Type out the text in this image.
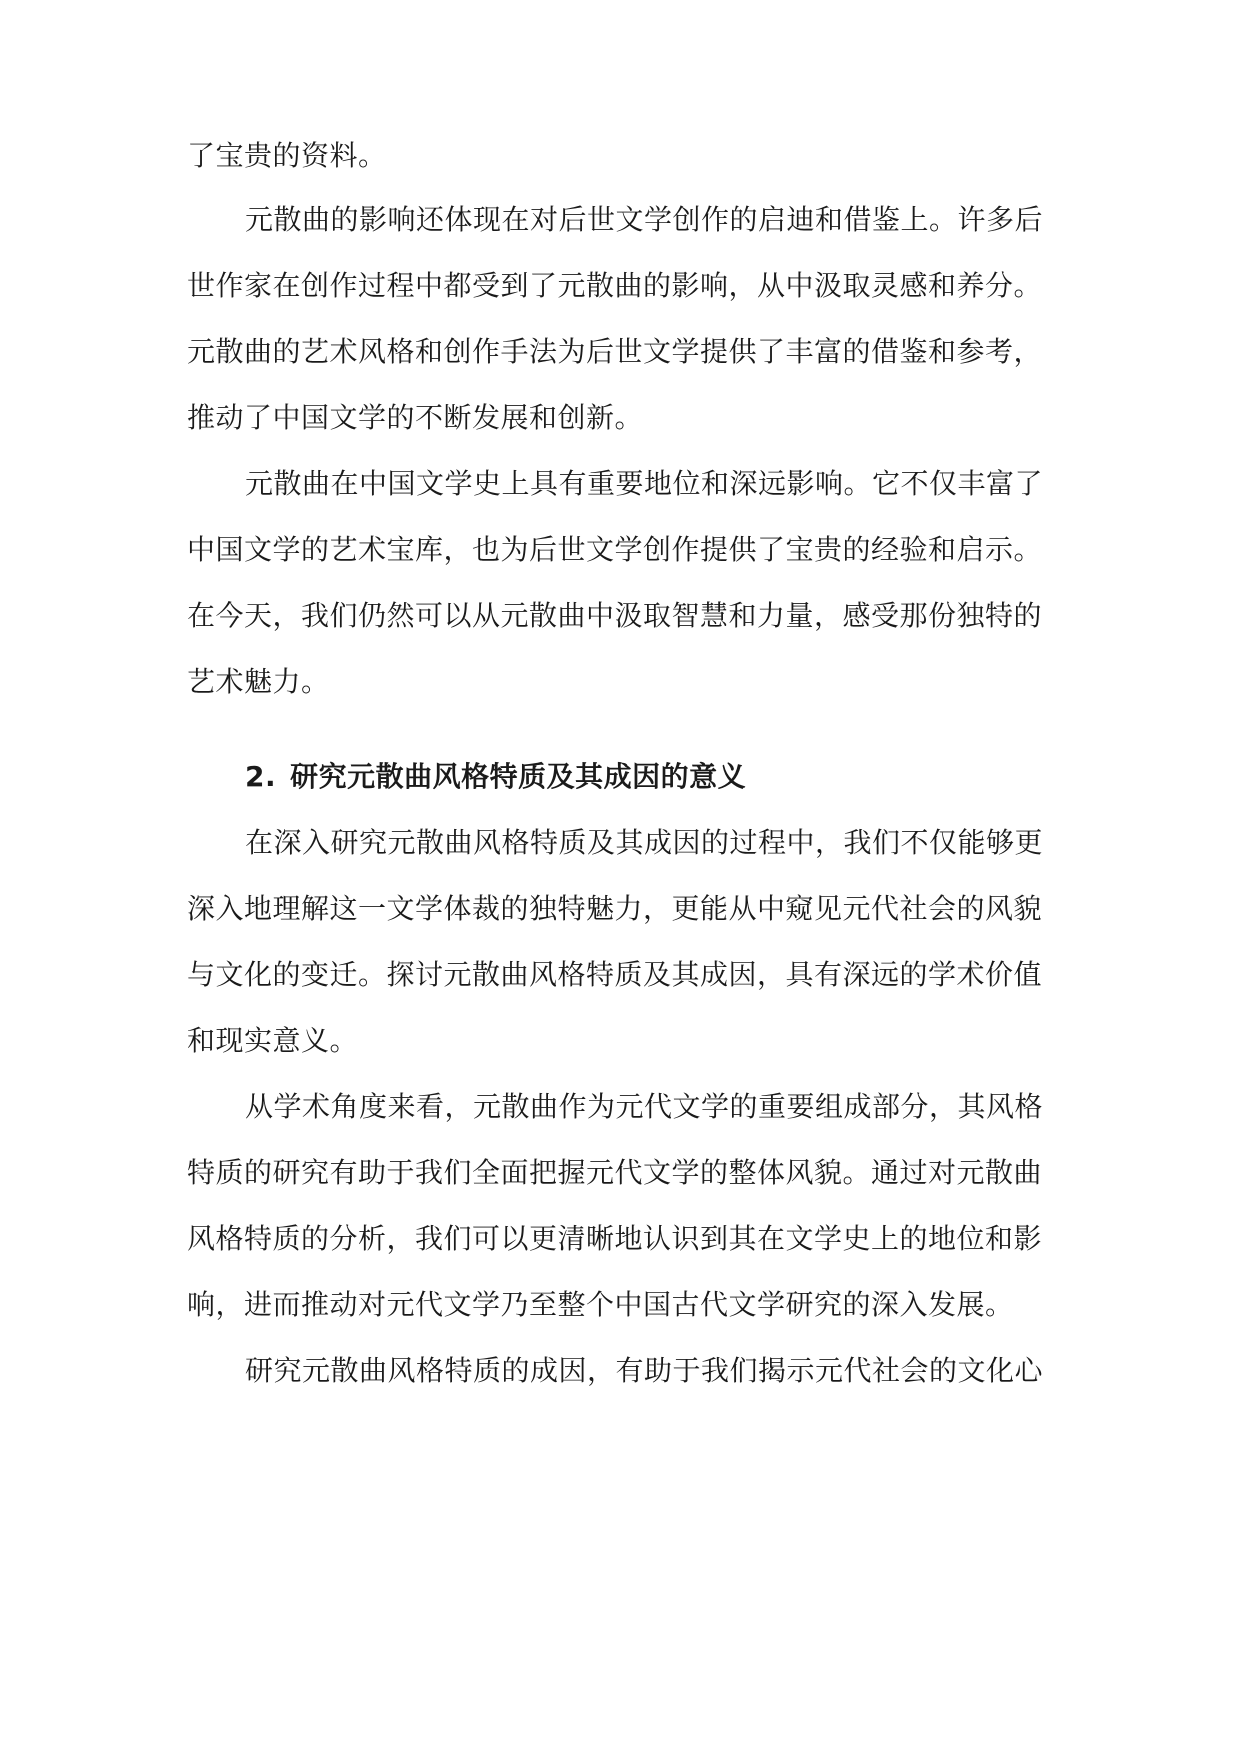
了宝贵的资料。
元散曲的影响还体现在对后世文学创作的启迪和借鉴上。许多后
世作家在创作过程中都受到了元散曲的影响，从中汲取灵感和养分。
元散曲的艺术风格和创作手法为后世文学提供了丰富的借鉴和参考，
推动了中国文学的不断发展和创新。
元散曲在中国文学史上具有重要地位和深远影响。它不仅丰富了
中国文学的艺术宝库，也为后世文学创作提供了宝贵的经验和启示。
在今天，我们仍然可以从元散曲中汲取智慧和力量，感受那份独特的
艺术魅力。
2. 研究元散曲风格特质及其成因的意义
在深入研究元散曲风格特质及其成因的过程中，我们不仅能够更
深入地理解这一文学体裁的独特魅力，更能从中窥见元代社会的风貌
与文化的变迁。探讨元散曲风格特质及其成因，具有深远的学术价值
和现实意义。
从学术角度来看，元散曲作为元代文学的重要组成部分，其风格
特质的研究有助于我们全面把握元代文学的整体风貌。通过对元散曲
风格特质的分析，我们可以更清晰地认识到其在文学史上的地位和影
响，进而推动对元代文学乃至整个中国古代文学研究的深入发展。
研究元散曲风格特质的成因，有助于我们揭示元代社会的文化心
